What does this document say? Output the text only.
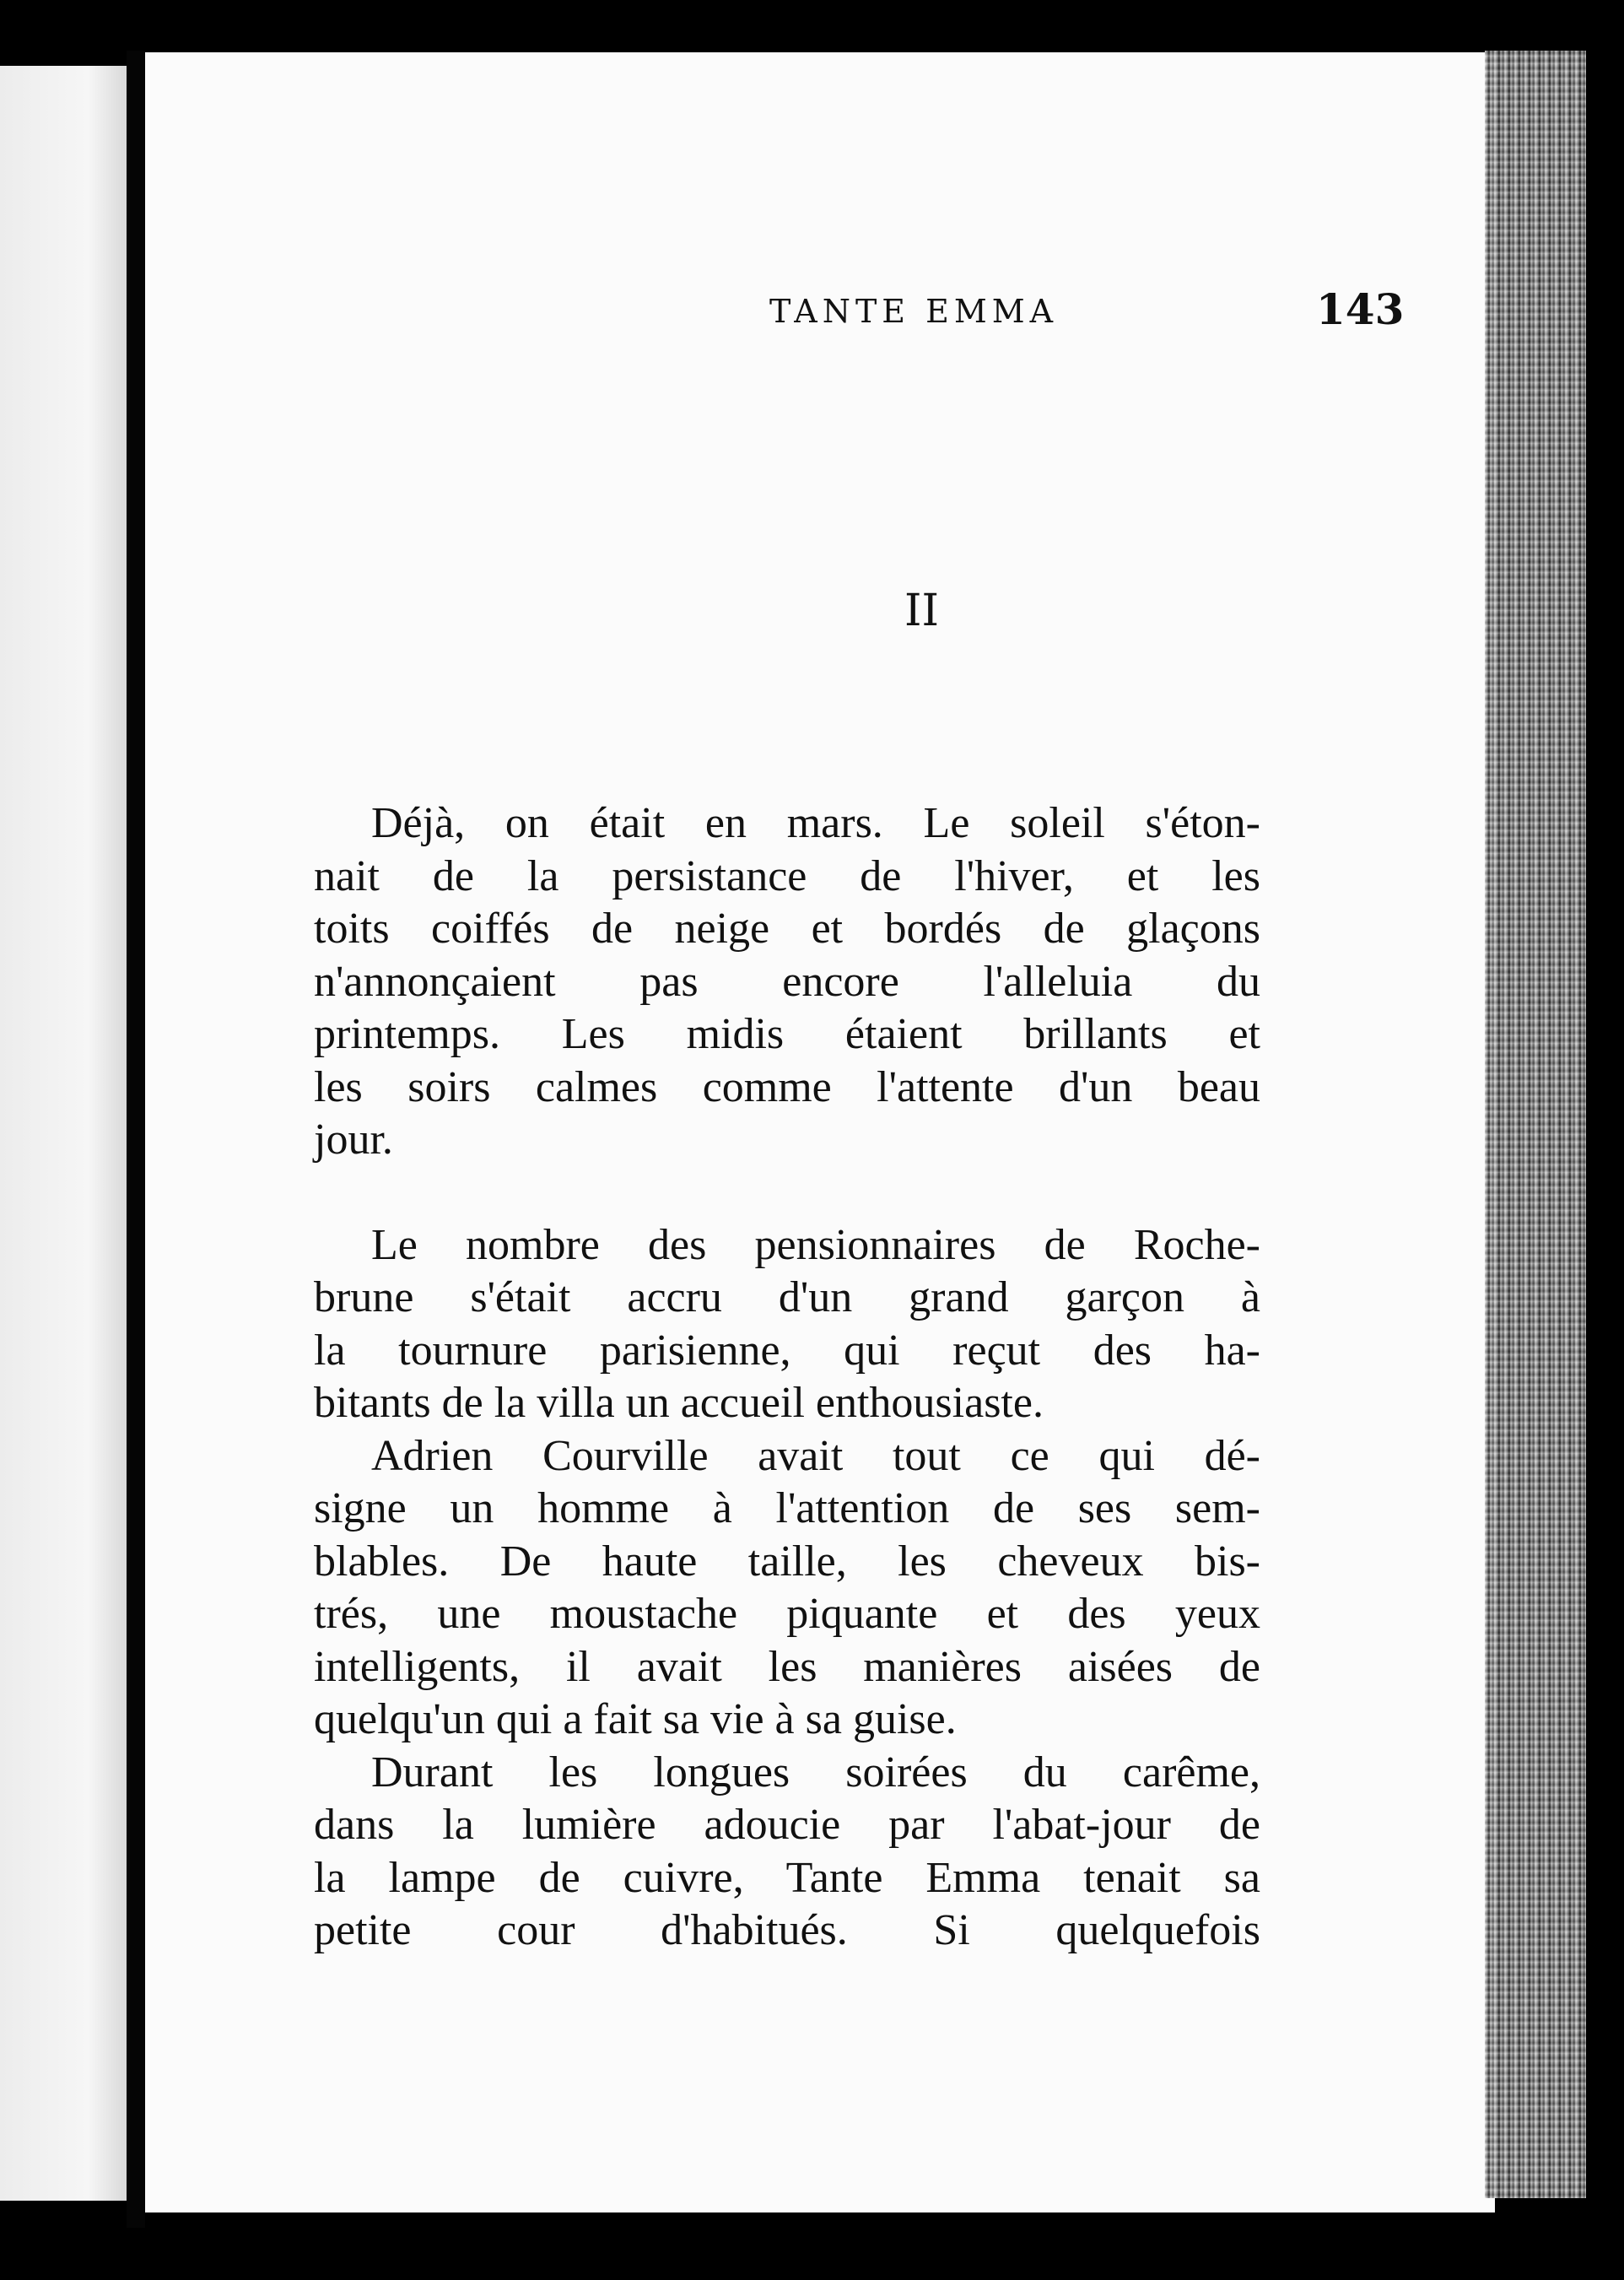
TANTE EMMA	143
II
Déjà, on était en mars. Le soleil s'éton-
nait de la persistance de l'hiver, et les
toits coiffés de neige et bordés de glaçons
n'annonçaient pas encore l'alleluia du
printemps. Les midis étaient brillants et
les soirs calmes comme l'attente d'un beau
jour.
Le nombre des pensionnaires de Roche-
brune s'était accru d'un grand garçon à
la tournure parisienne, qui reçut des ha-
bitants de la villa un accueil enthousiaste.
Adrien Courville avait tout ce qui dé-
signe un homme à l'attention de ses sem-
blables. De haute taille, les cheveux bis-
trés, une moustache piquante et des yeux
intelligents, il avait les manières aisées de
quelqu'un qui a fait sa vie à sa guise.
Durant les longues soirées du carême,
dans la lumière adoucie par l'abat-jour de
la lampe de cuivre, Tante Emma tenait sa
petite cour d'habitués. Si quelquefois
